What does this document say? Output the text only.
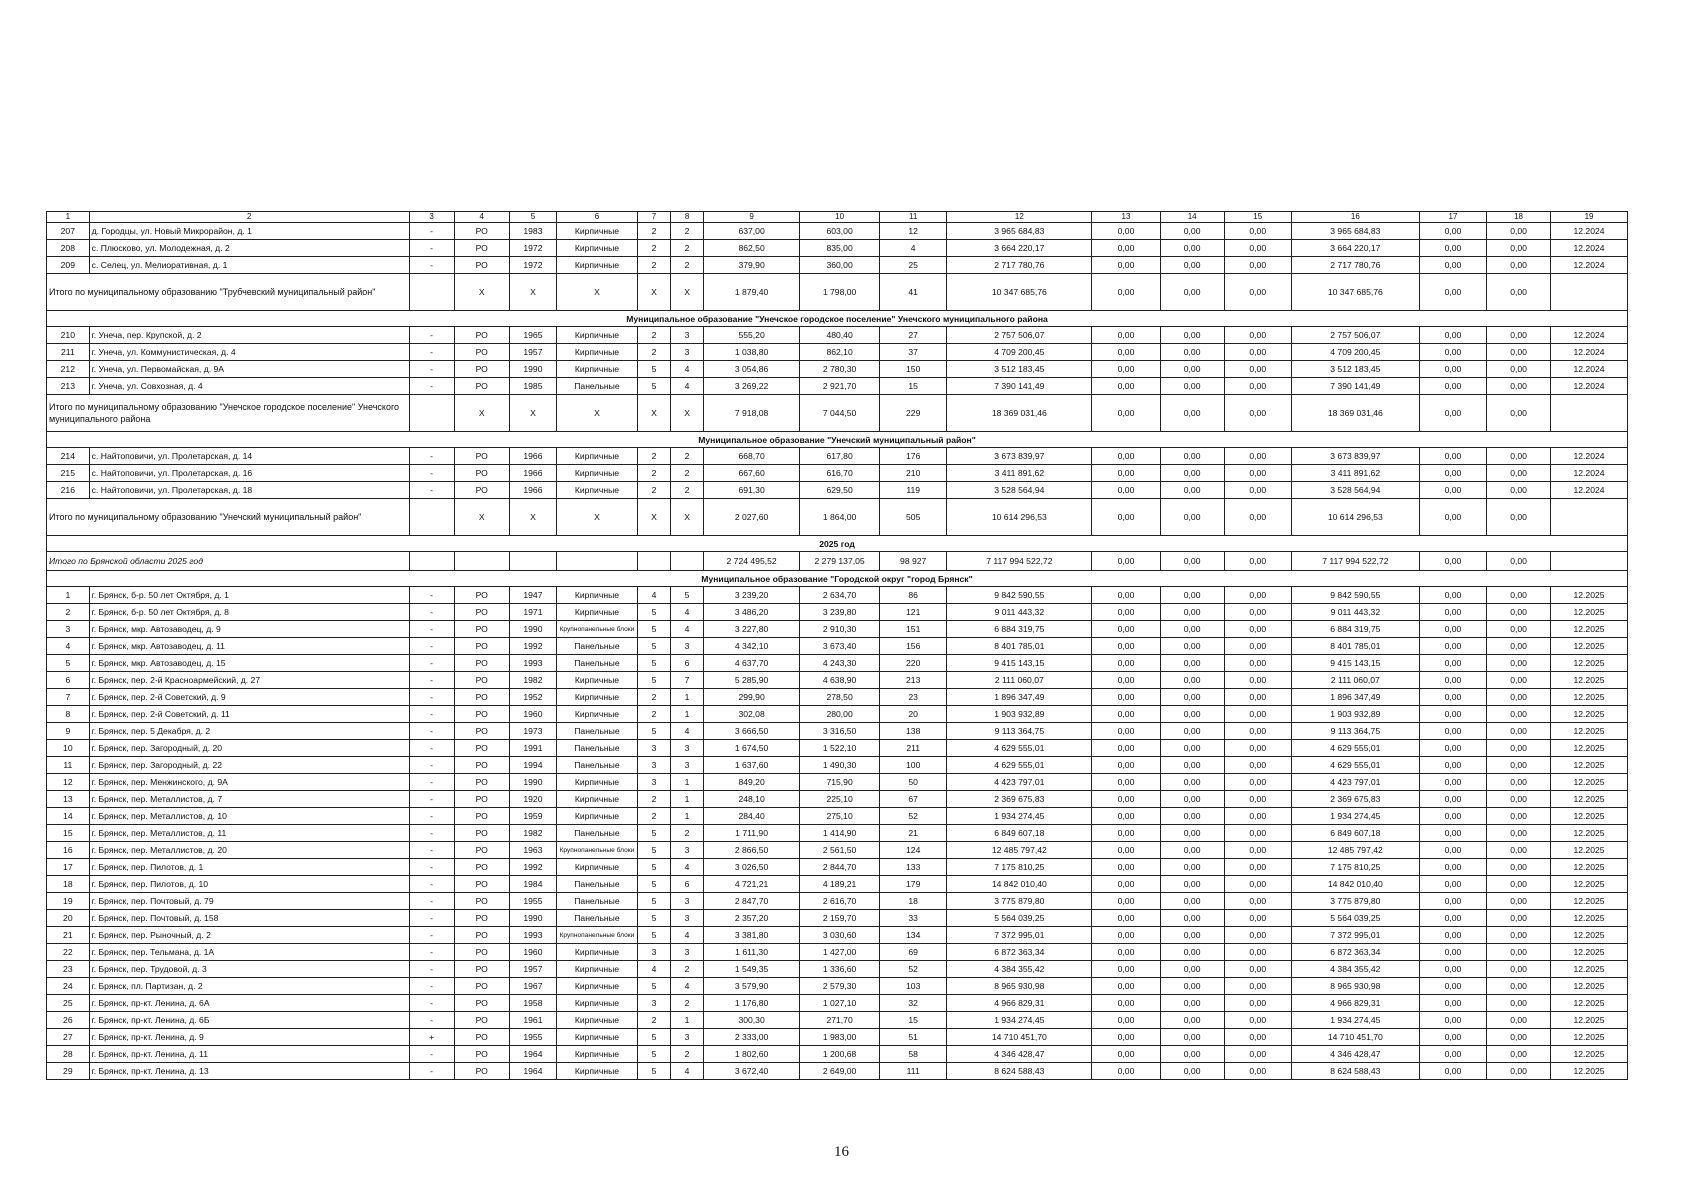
1	2	3	4	5	6	7	8	9	10	11	12	13	14	15	16	17	18	19
207	д. Городцы, ул. Новый Микрорайон, д. 1	-	РО	1983	Кирпичные	2	2	637,00	603,00	12	3 965 684,83	0,00	0,00	0,00	3 965 684,83	0,00	0,00	12.2024
208	с. Плюсково, ул. Молодежная, д. 2	-	РО	1972	Кирпичные	2	2	862,50	835,00	4	3 664 220,17	0,00	0,00	0,00	3 664 220,17	0,00	0,00	12.2024
209	с. Селец, ул. Мелиоративная, д. 1	-	РО	1972	Кирпичные	2	2	379,90	360,00	25	2 717 780,76	0,00	0,00	0,00	2 717 780,76	0,00	0,00	12.2024
Итого по муниципальному образованию "Трубчевский муниципальный район"			X	X	X	X	X	1 879,40	1 798,00	41	10 347 685,76	0,00	0,00	0,00	10 347 685,76	0,00	0,00	
Муниципальное образование "Унечское городское поселение" Унечского муниципального района																		
210	г. Унеча, пер. Крупской, д. 2	-	РО	1965	Кирпичные	2	3	555,20	480,40	27	2 757 506,07	0,00	0,00	0,00	2 757 506,07	0,00	0,00	12.2024
211	г. Унеча, ул. Коммунистическая, д. 4	-	РО	1957	Кирпичные	2	3	1 038,80	862,10	37	4 709 200,45	0,00	0,00	0,00	4 709 200,45	0,00	0,00	12.2024
212	г. Унеча, ул. Первомайская, д. 9А	-	РО	1990	Кирпичные	5	4	3 054,86	2 780,30	150	3 512 183,45	0,00	0,00	0,00	3 512 183,45	0,00	0,00	12.2024
213	г. Унеча, ул. Совхозная, д. 4	-	РО	1985	Панельные	5	4	3 269,22	2 921,70	15	7 390 141,49	0,00	0,00	0,00	7 390 141,49	0,00	0,00	12.2024
Итого по муниципальному образованию "Унечское городское поселение" Унечского муниципального района			X	X	X	X	X	7 918,08	7 044,50	229	18 369 031,46	0,00	0,00	0,00	18 369 031,46	0,00	0,00	
Муниципальное образование "Унечский муниципальный район"																		
214	с. Найтоповичи, ул. Пролетарская, д. 14	-	РО	1966	Кирпичные	2	2	668,70	617,80	176	3 673 839,97	0,00	0,00	0,00	3 673 839,97	0,00	0,00	12.2024
215	с. Найтоповичи, ул. Пролетарская, д. 16	-	РО	1966	Кирпичные	2	2	667,60	616,70	210	3 411 891,62	0,00	0,00	0,00	3 411 891,62	0,00	0,00	12.2024
216	с. Найтоповичи, ул. Пролетарская, д. 18	-	РО	1966	Кирпичные	2	2	691,30	629,50	119	3 528 564,94	0,00	0,00	0,00	3 528 564,94	0,00	0,00	12.2024
Итого по муниципальному образованию "Унечский муниципальный район"			X	X	X	X	X	2 027,60	1 864,00	505	10 614 296,53	0,00	0,00	0,00	10 614 296,53	0,00	0,00	
2025 год																		
Итого по Брянской области 2025 год								2 724 495,52	2 279 137,05	98 927	7 117 994 522,72	0,00	0,00	0,00	7 117 994 522,72	0,00	0,00	
Муниципальное образование "Городской округ "город Брянск"																		
1	г. Брянск, б-р. 50 лет Октября, д. 1	-	РО	1947	Кирпичные	4	5	3 239,20	2 634,70	86	9 842 590,55	0,00	0,00	0,00	9 842 590,55	0,00	0,00	12.2025
2	г. Брянск, б-р. 50 лет Октября, д. 8	-	РО	1971	Кирпичные	5	4	3 486,20	3 239,80	121	9 011 443,32	0,00	0,00	0,00	9 011 443,32	0,00	0,00	12.2025
3	г. Брянск, мкр. Автозаводец, д. 9	-	РО	1990	Крупнопанельные блоки	5	4	3 227,80	2 910,30	151	6 884 319,75	0,00	0,00	0,00	6 884 319,75	0,00	0,00	12.2025
4	г. Брянск, мкр. Автозаводец, д. 11	-	РО	1992	Панельные	5	3	4 342,10	3 673,40	156	8 401 785,01	0,00	0,00	0,00	8 401 785,01	0,00	0,00	12.2025
5	г. Брянск, мкр. Автозаводец, д. 15	-	РО	1993	Панельные	5	6	4 637,70	4 243,30	220	9 415 143,15	0,00	0,00	0,00	9 415 143,15	0,00	0,00	12.2025
6	г. Брянск, пер. 2-й Красноармейский, д. 27	-	РО	1982	Кирпичные	5	7	5 285,90	4 638,90	213	2 111 060,07	0,00	0,00	0,00	2 111 060,07	0,00	0,00	12.2025
7	г. Брянск, пер. 2-й Советский, д. 9	-	РО	1952	Кирпичные	2	1	299,90	278,50	23	1 896 347,49	0,00	0,00	0,00	1 896 347,49	0,00	0,00	12.2025
8	г. Брянск, пер. 2-й Советский, д. 11	-	РО	1960	Кирпичные	2	1	302,08	280,00	20	1 903 932,89	0,00	0,00	0,00	1 903 932,89	0,00	0,00	12.2025
9	г. Брянск, пер. 5 Декабря, д. 2	-	РО	1973	Панельные	5	4	3 666,50	3 316,50	138	9 113 364,75	0,00	0,00	0,00	9 113 364,75	0,00	0,00	12.2025
10	г. Брянск, пер. Загородный, д. 20	-	РО	1991	Панельные	3	3	1 674,50	1 522,10	211	4 629 555,01	0,00	0,00	0,00	4 629 555,01	0,00	0,00	12.2025
11	г. Брянск, пер. Загородный, д. 22	-	РО	1994	Панельные	3	3	1 637,60	1 490,30	100	4 629 555,01	0,00	0,00	0,00	4 629 555,01	0,00	0,00	12.2025
12	г. Брянск, пер. Менжинского, д. 9А	-	РО	1990	Кирпичные	3	1	849,20	715,90	50	4 423 797,01	0,00	0,00	0,00	4 423 797,01	0,00	0,00	12.2025
13	г. Брянск, пер. Металлистов, д. 7	-	РО	1920	Кирпичные	2	1	248,10	225,10	67	2 369 675,83	0,00	0,00	0,00	2 369 675,83	0,00	0,00	12.2025
14	г. Брянск, пер. Металлистов, д. 10	-	РО	1959	Кирпичные	2	1	284,40	275,10	52	1 934 274,45	0,00	0,00	0,00	1 934 274,45	0,00	0,00	12.2025
15	г. Брянск, пер. Металлистов, д. 11	-	РО	1982	Панельные	5	2	1 711,90	1 414,90	21	6 849 607,18	0,00	0,00	0,00	6 849 607,18	0,00	0,00	12.2025
16	г. Брянск, пер. Металлистов, д. 20	-	РО	1963	Крупнопанельные блоки	5	3	2 866,50	2 561,50	124	12 485 797,42	0,00	0,00	0,00	12 485 797,42	0,00	0,00	12.2025
17	г. Брянск, пер. Пилотов, д. 1	-	РО	1992	Кирпичные	5	4	3 026,50	2 844,70	133	7 175 810,25	0,00	0,00	0,00	7 175 810,25	0,00	0,00	12.2025
18	г. Брянск, пер. Пилотов, д. 10	-	РО	1984	Панельные	5	6	4 721,21	4 189,21	179	14 842 010,40	0,00	0,00	0,00	14 842 010,40	0,00	0,00	12.2025
19	г. Брянск, пер. Почтовый, д. 79	-	РО	1955	Панельные	5	3	2 847,70	2 616,70	18	3 775 879,80	0,00	0,00	0,00	3 775 879,80	0,00	0,00	12.2025
20	г. Брянск, пер. Почтовый, д. 158	-	РО	1990	Панельные	5	3	2 357,20	2 159,70	33	5 564 039,25	0,00	0,00	0,00	5 564 039,25	0,00	0,00	12.2025
21	г. Брянск, пер. Рыночный, д. 2	-	РО	1993	Крупнопанельные блоки	5	4	3 381,80	3 030,60	134	7 372 995,01	0,00	0,00	0,00	7 372 995,01	0,00	0,00	12.2025
22	г. Брянск, пер. Тельмана, д. 1А	-	РО	1960	Кирпичные	3	3	1 611,30	1 427,00	69	6 872 363,34	0,00	0,00	0,00	6 872 363,34	0,00	0,00	12.2025
23	г. Брянск, пер. Трудовой, д. 3	-	РО	1957	Кирпичные	4	2	1 549,35	1 336,60	52	4 384 355,42	0,00	0,00	0,00	4 384 355,42	0,00	0,00	12.2025
24	г. Брянск, пл. Партизан, д. 2	-	РО	1967	Кирпичные	5	4	3 579,90	2 579,30	103	8 965 930,98	0,00	0,00	0,00	8 965 930,98	0,00	0,00	12.2025
25	г. Брянск, пр-кт. Ленина, д. 6А	-	РО	1958	Кирпичные	3	2	1 176,80	1 027,10	32	4 966 829,31	0,00	0,00	0,00	4 966 829,31	0,00	0,00	12.2025
26	г. Брянск, пр-кт. Ленина, д. 6Б	-	РО	1961	Кирпичные	2	1	300,30	271,70	15	1 934 274,45	0,00	0,00	0,00	1 934 274,45	0,00	0,00	12.2025
27	г. Брянск, пр-кт. Ленина, д. 9	+	РО	1955	Кирпичные	5	3	2 333,00	1 983,00	51	14 710 451,70	0,00	0,00	0,00	14 710 451,70	0,00	0,00	12.2025
28	г. Брянск, пр-кт. Ленина, д. 11	-	РО	1964	Кирпичные	5	2	1 802,60	1 200,68	58	4 346 428,47	0,00	0,00	0,00	4 346 428,47	0,00	0,00	12.2025
29	г. Брянск, пр-кт. Ленина, д. 13	-	РО	1964	Кирпичные	5	4	3 672,40	2 649,00	111	8 624 588,43	0,00	0,00	0,00	8 624 588,43	0,00	0,00	12.2025
16
